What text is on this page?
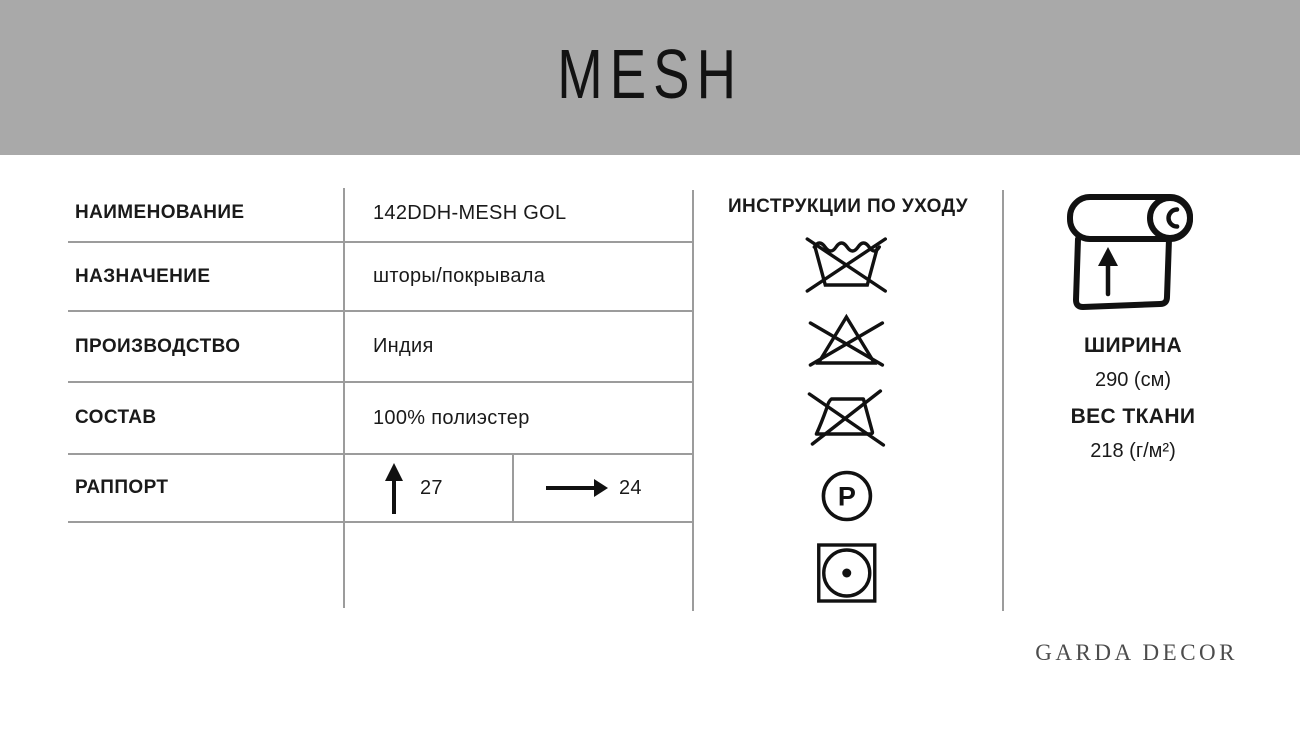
MESH
НАИМЕНОВАНИЕ	142DDH-MESH GOL
НАЗНАЧЕНИЕ	шторы/покрывала
ПРОИЗВОДСТВО	Индия
СОСТАВ	100% полиэстер
РАППОРТ	27	24
ИНСТРУКЦИИ ПО УХОДУ
P
ШИРИНА
290 (см)
ВЕС ТКАНИ
218 (г/м²)
GARDA DECOR
